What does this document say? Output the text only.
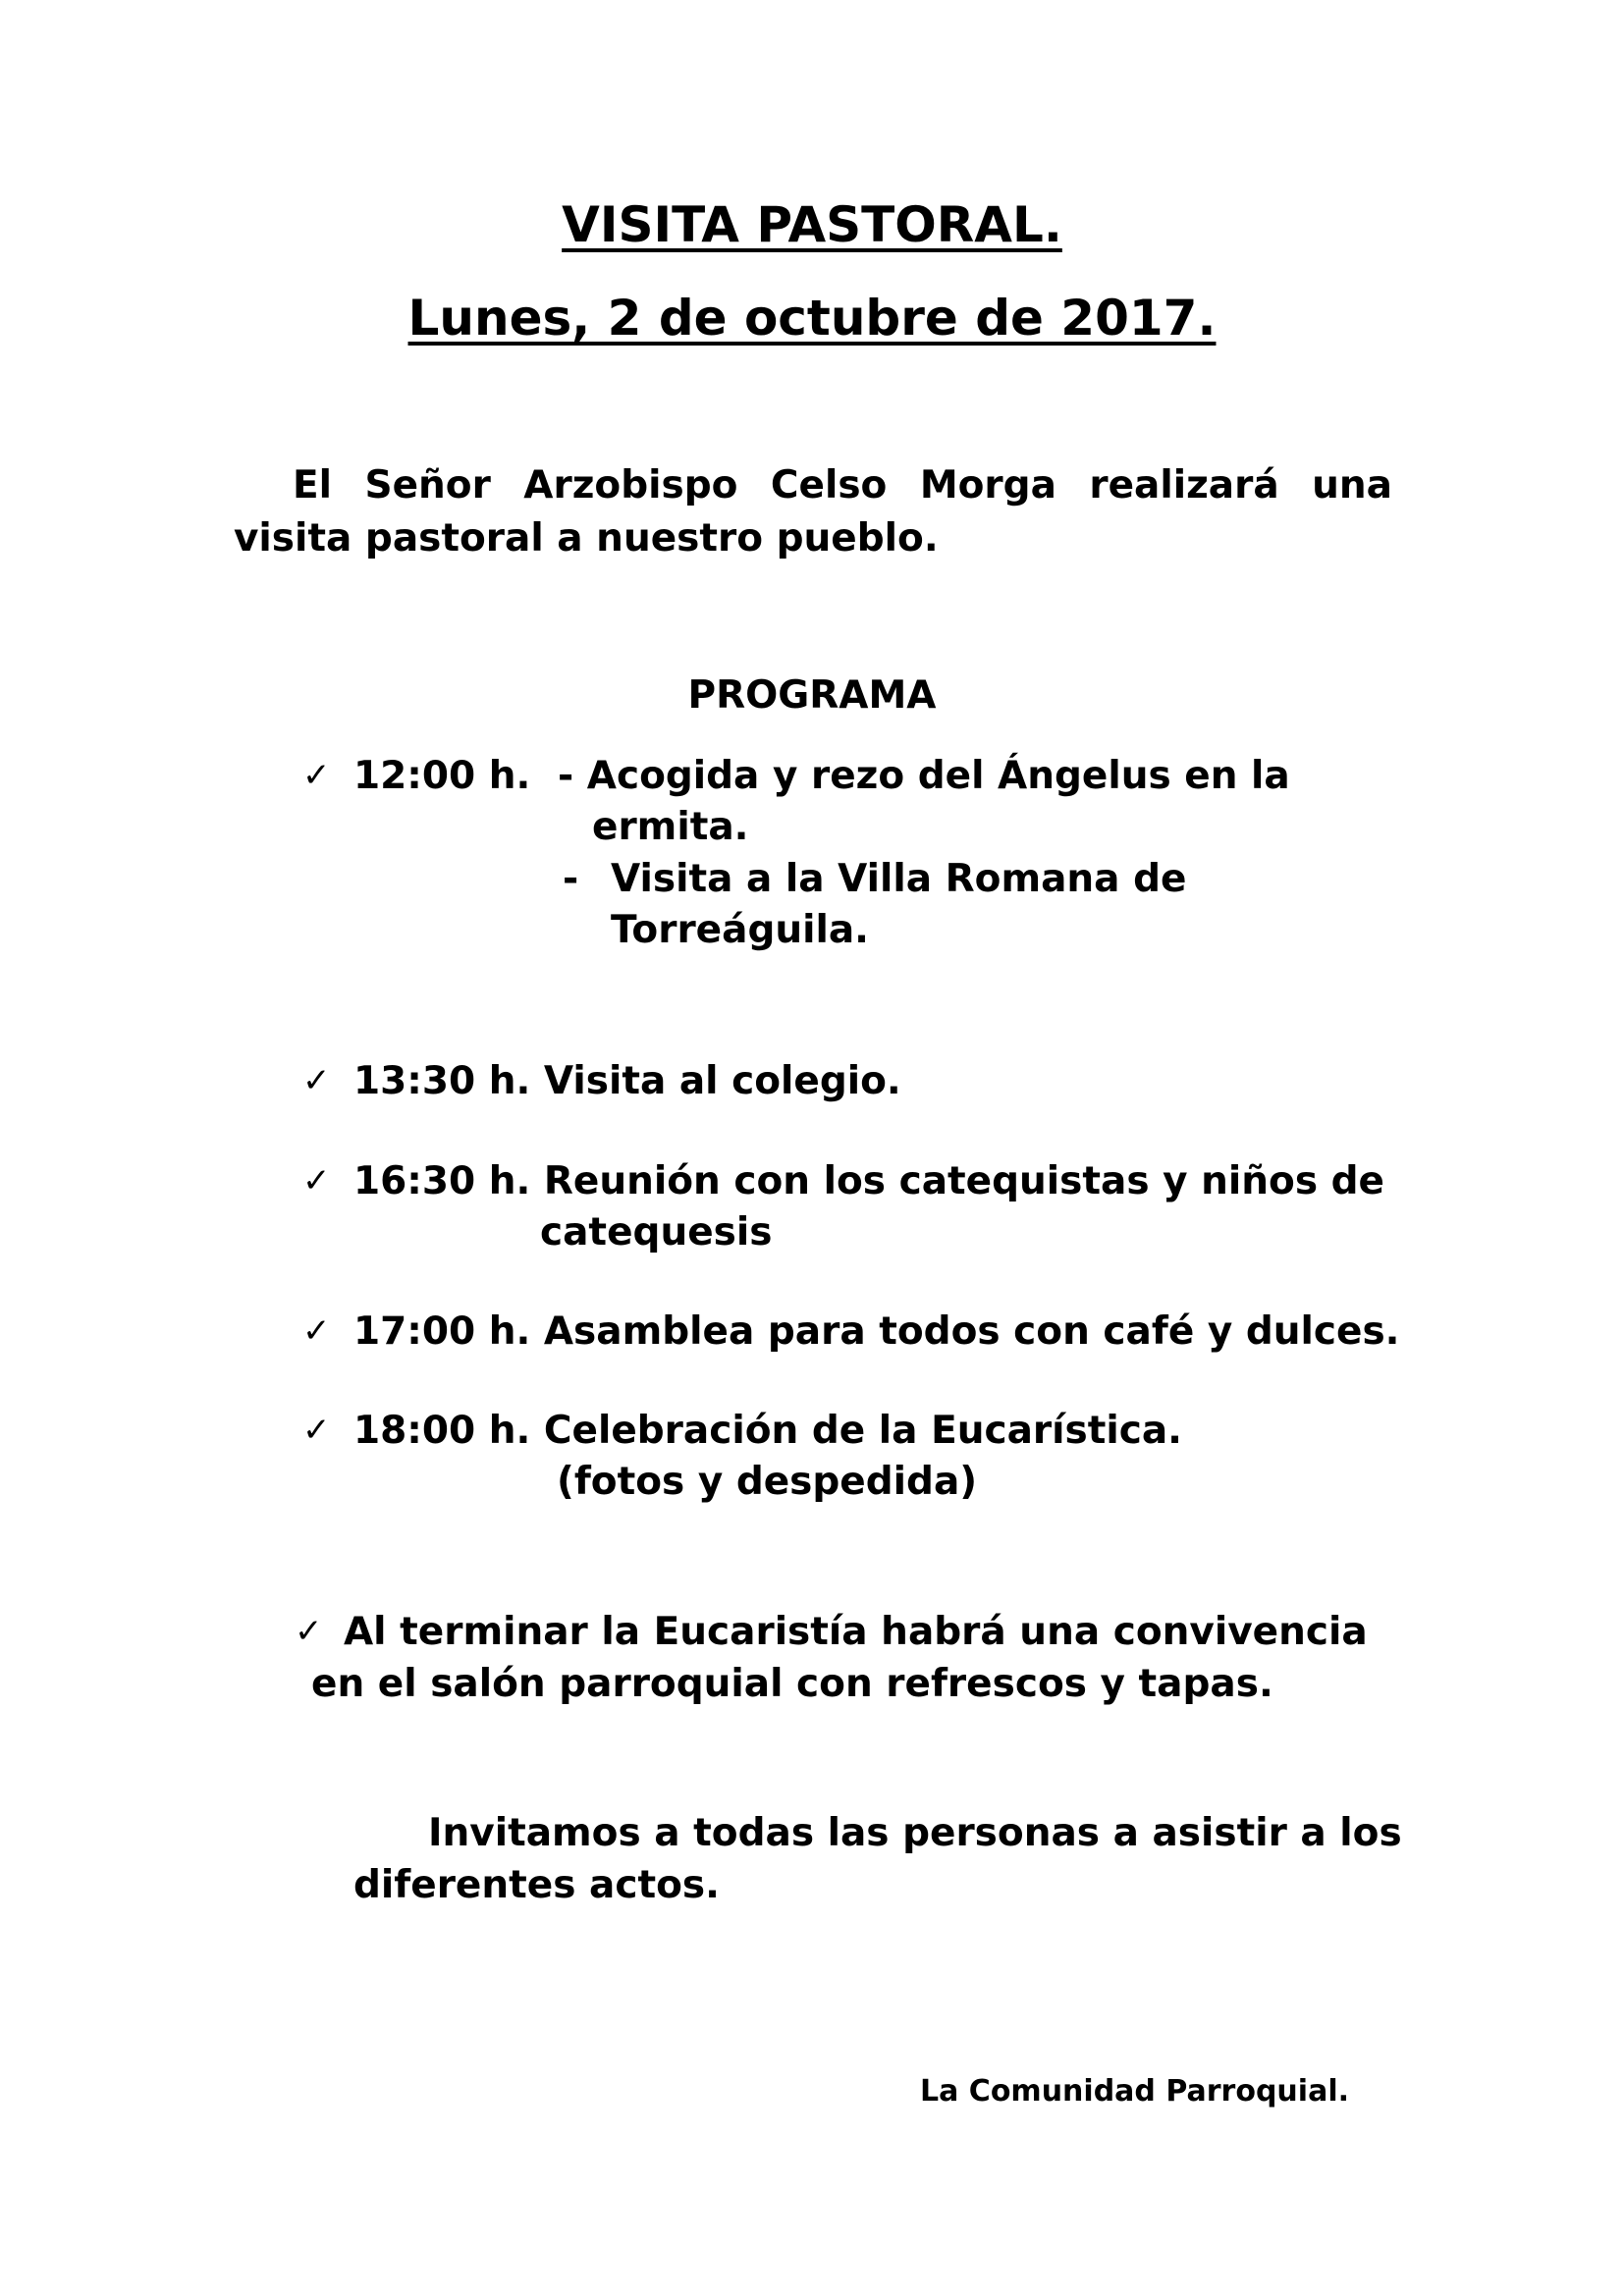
VISITA PASTORAL.
Lunes, 2 de octubre de 2017.

El Señor Arzobispo Celso Morga realizará una visita pastoral a nuestro pueblo.

PROGRAMA
✓ 12:00 h. - Acogida y rezo del Ángelus en la
ermita.
- Visita a la Villa Romana de
Torreáguila.
✓ 13:30 h. Visita al colegio.
✓ 16:30 h. Reunión con los catequistas y niños de
catequesis
✓ 17:00 h. Asamblea para todos con café y dulces.
✓ 18:00 h. Celebración de la Eucarística.
(fotos y despedida)
✓ Al terminar la Eucaristía habrá una convivencia
en el salón parroquial con refrescos y tapas.
Invitamos a todas las personas a asistir a los
diferentes actos.
La Comunidad Parroquial.
